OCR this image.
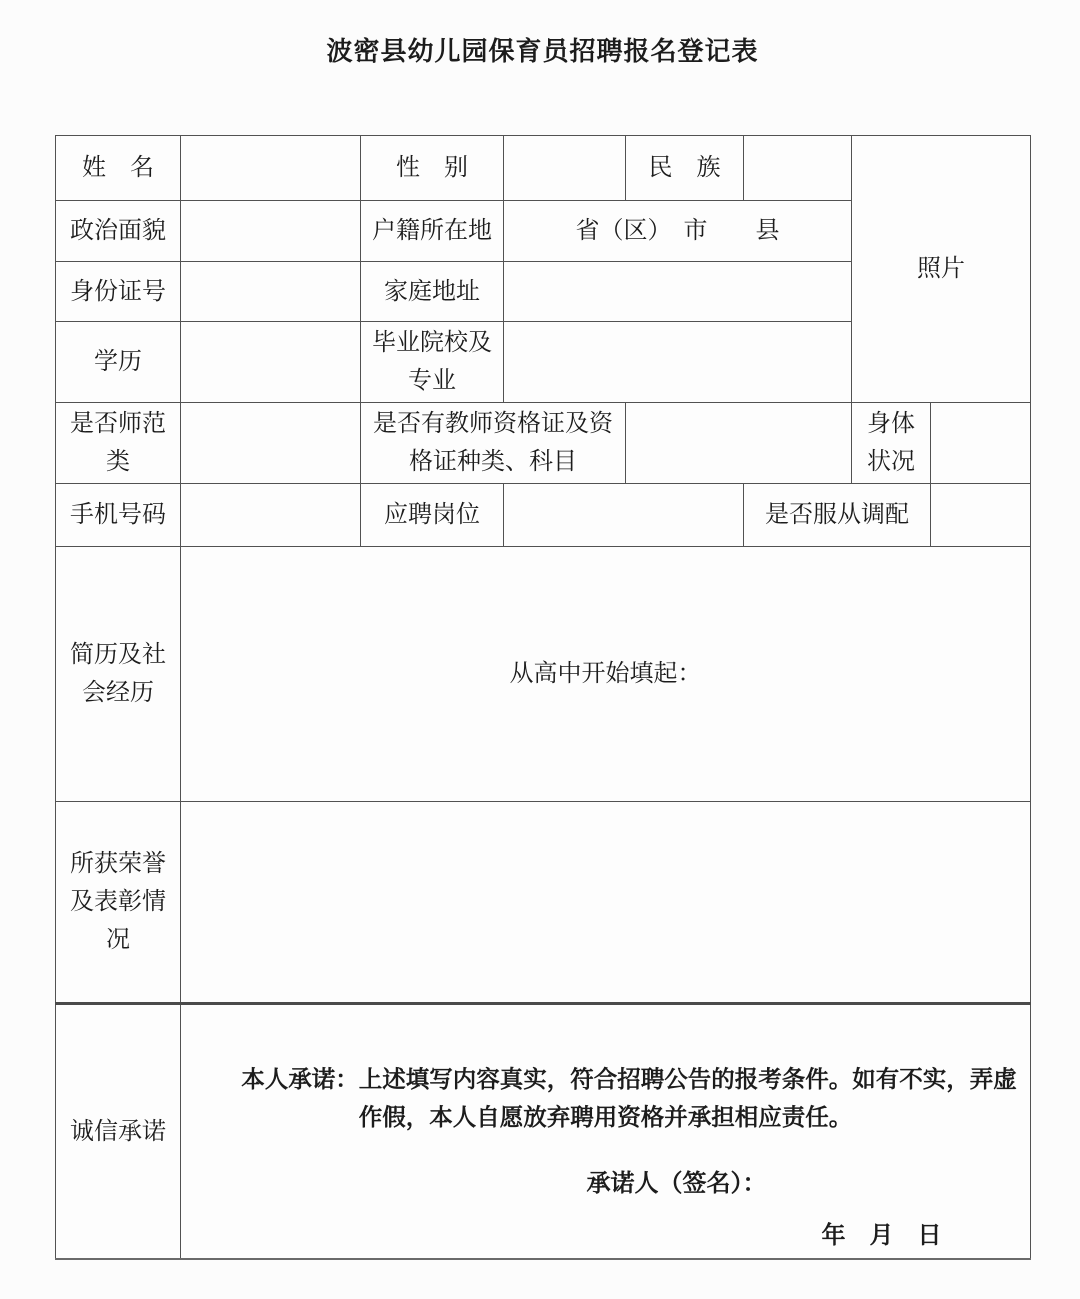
波密县幼儿园保育员招聘报名登记表
姓　名		性　别		民　族		照片	
政治面貌		户籍所在地	省（区）　市　　县				
身份证号		家庭地址					
学历		毕业院校及专业					
是否师范类		是否有教师资格证及资格证种类、科目				身体状况	
手机号码		应聘岗位			是否服从调配		
简历及社会经历	从高中开始填起：						
所获荣誉及表彰情况							
诚信承诺	本人承诺：上述填写内容真实，符合招聘公告的报考条件。如有不实，弄虚作假，本人自愿放弃聘用资格并承担相应责任。

承诺人（签名）：
年　月　日						
